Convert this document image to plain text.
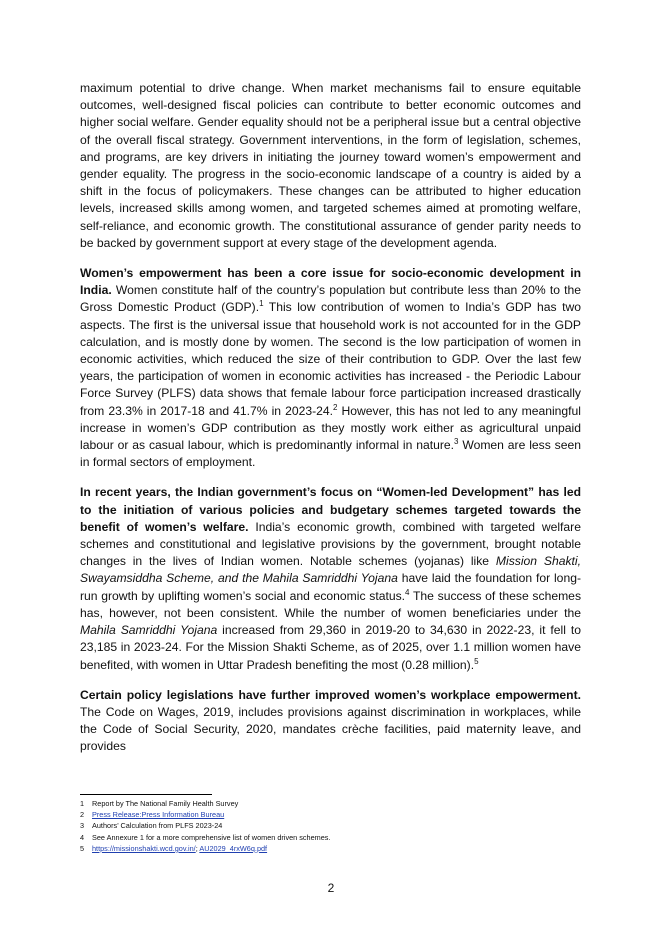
maximum potential to drive change. When market mechanisms fail to ensure equitable outcomes, well-designed fiscal policies can contribute to better economic outcomes and higher social welfare. Gender equality should not be a peripheral issue but a central objective of the overall fiscal strategy. Government interventions, in the form of legislation, schemes, and programs, are key drivers in initiating the journey toward women’s empowerment and gender equality. The progress in the socio-economic landscape of a country is aided by a shift in the focus of policymakers. These changes can be attributed to higher education levels, increased skills among women, and targeted schemes aimed at promoting welfare, self-reliance, and economic growth. The constitutional assurance of gender parity needs to be backed by government support at every stage of the development agenda.

Women’s empowerment has been a core issue for socio-economic development in India. Women constitute half of the country’s population but contribute less than 20% to the Gross Domestic Product (GDP).$^1$ This low contribution of women to India’s GDP has two aspects. The first is the universal issue that household work is not accounted for in the GDP calculation, and is mostly done by women. The second is the low participation of women in economic activities, which reduced the size of their contribution to GDP. Over the last few years, the participation of women in economic activities has increased - the Periodic Labour Force Survey (PLFS) data shows that female labour force participation increased drastically from 23.3% in 2017-18 and 41.7% in 2023-24.$^2$ However, this has not led to any meaningful increase in women’s GDP contribution as they mostly work either as agricultural unpaid labour or as casual labour, which is predominantly informal in nature.$^3$ Women are less seen in formal sectors of employment.

In recent years, the Indian government’s focus on “Women-led Development” has led to the initiation of various policies and budgetary schemes targeted towards the benefit of women’s welfare. India’s economic growth, combined with targeted welfare schemes and constitutional and legislative provisions by the government, brought notable changes in the lives of Indian women. Notable schemes (yojanas) like Mission Shakti, Swayamsiddha Scheme, and the Mahila Samriddhi Yojana have laid the foundation for long-run growth by uplifting women’s social and economic status.$^4$ The success of these schemes has, however, not been consistent. While the number of women beneficiaries under the Mahila Samriddhi Yojana increased from 29,360 in 2019-20 to 34,630 in 2022-23, it fell to 23,185 in 2023-24. For the Mission Shakti Scheme, as of 2025, over 1.1 million women have benefited, with women in Uttar Pradesh benefiting the most (0.28 million).$^5$

Certain policy legislations have further improved women’s workplace empowerment. The Code on Wages, 2019, includes provisions against discrimination in workplaces, while the Code of Social Security, 2020, mandates crèche facilities, paid maternity leave, and provides

1	Report by The National Family Health Survey
2	Press Release:Press Information Bureau
3	Authors’ Calculation from PLFS 2023-24
4	See Annexure 1 for a more comprehensive list of women driven schemes.
5	https://missionshakti.wcd.gov.in/; AU2029_4rxW6q.pdf
2
